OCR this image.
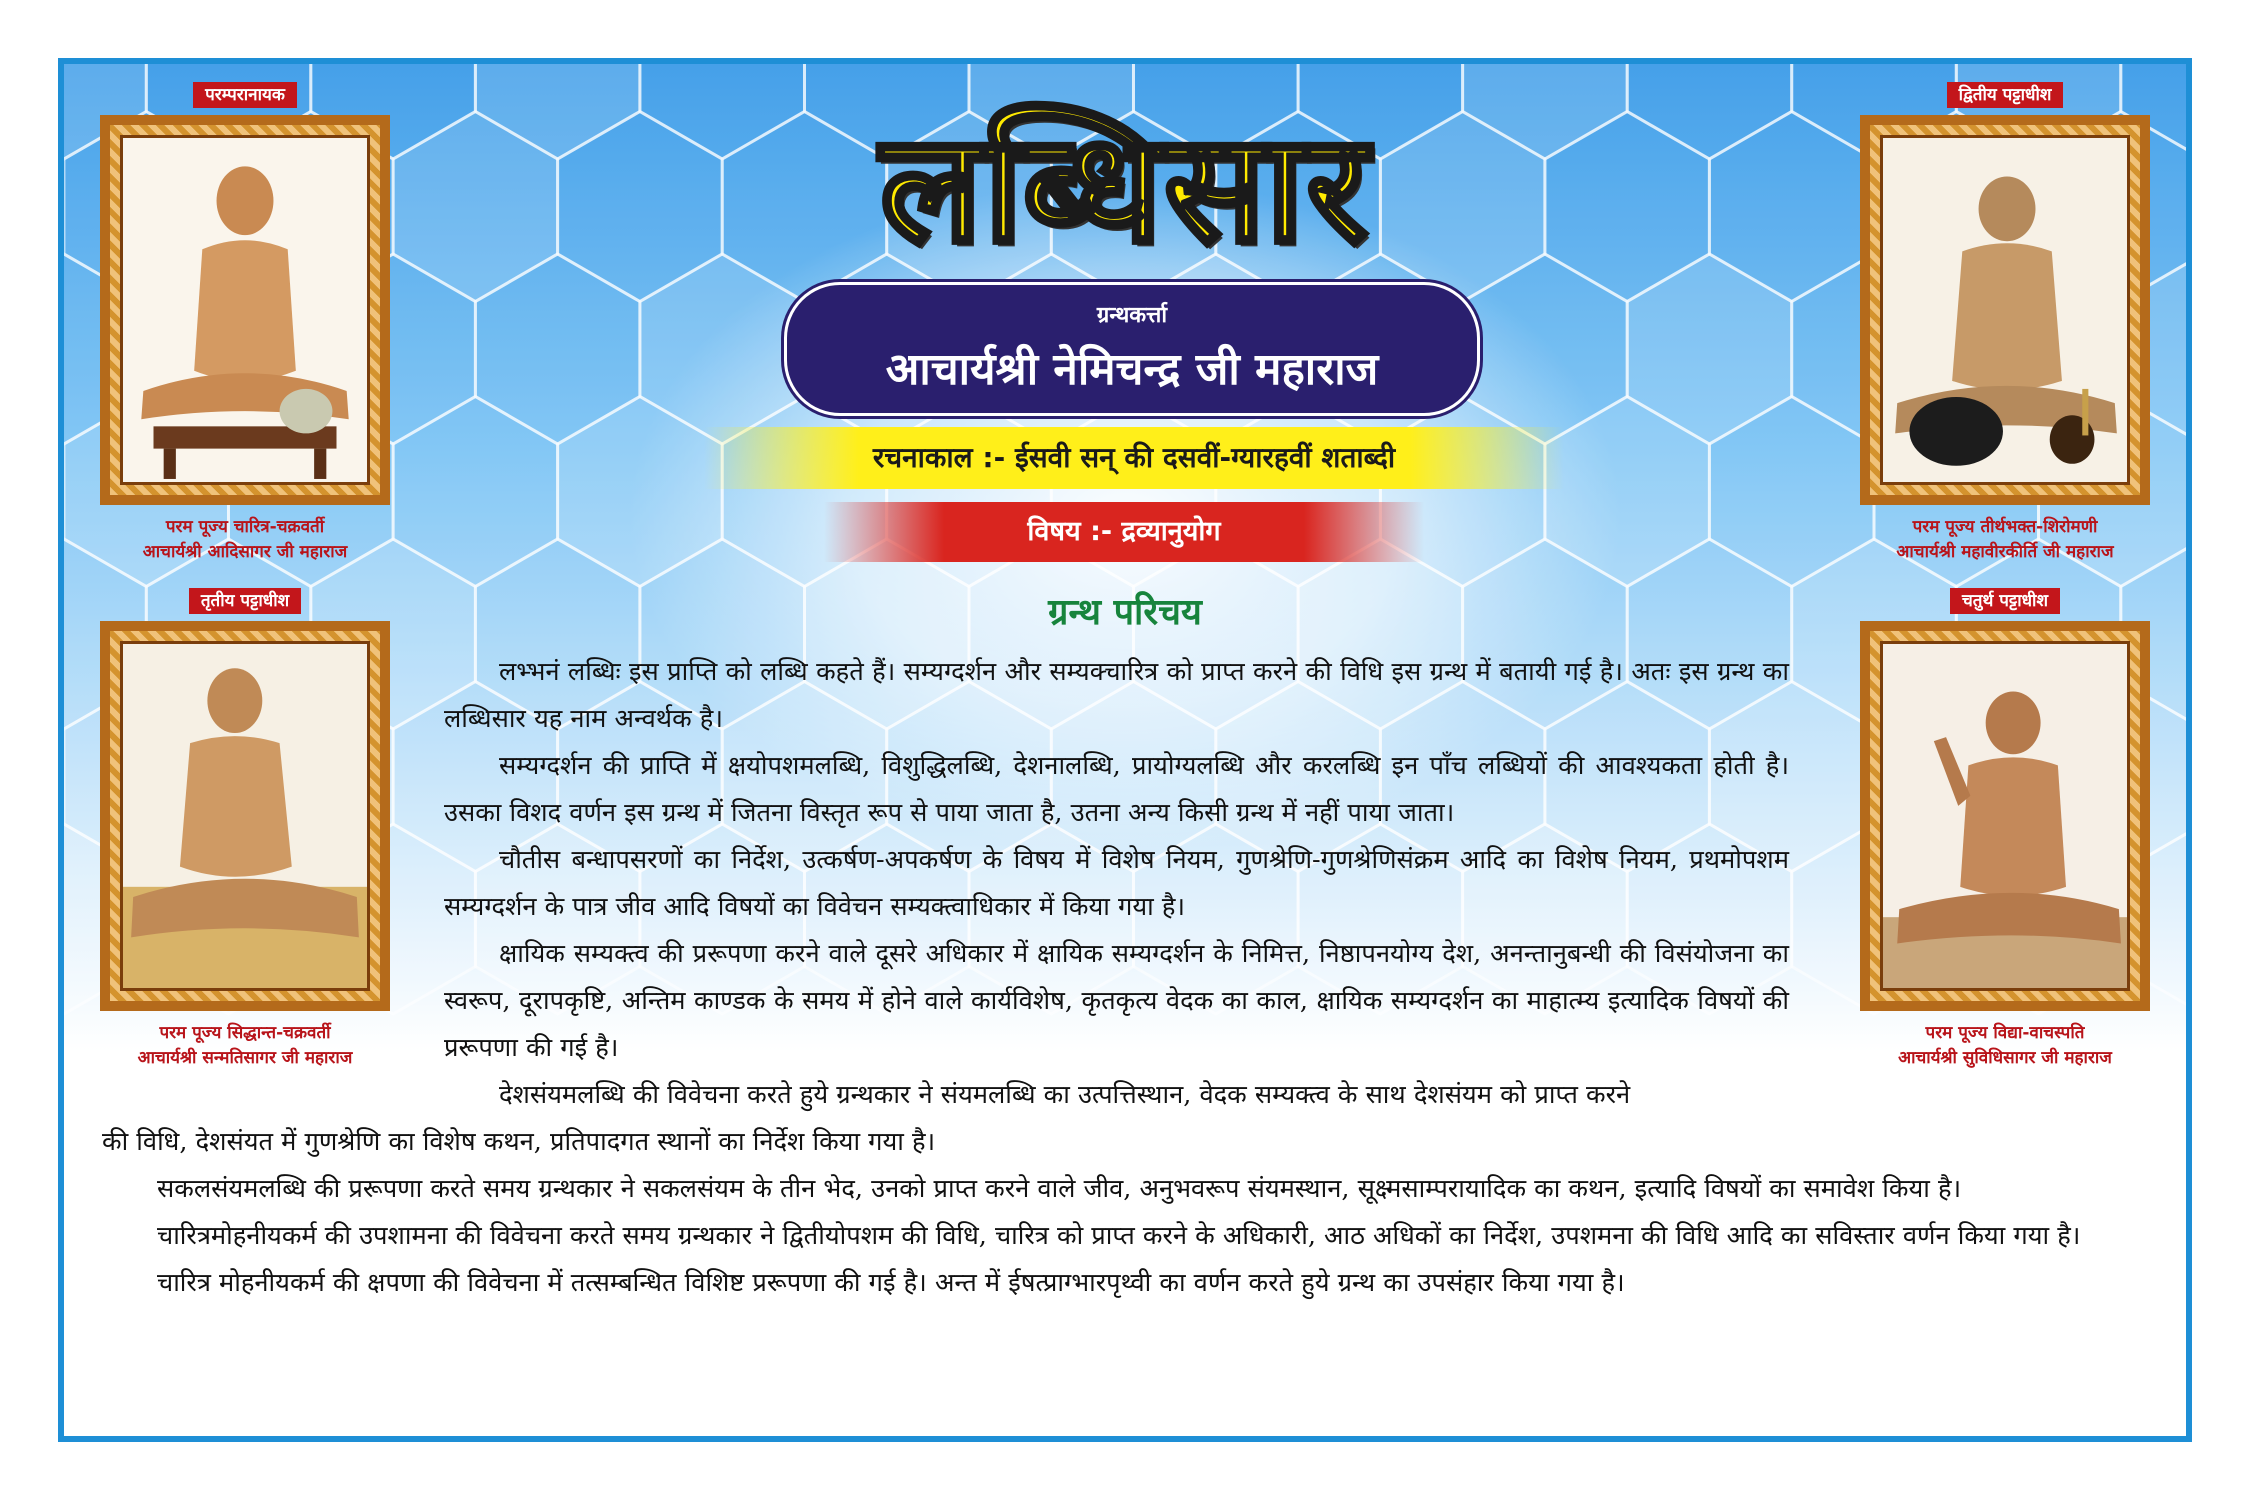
लब्धिसार
ग्रन्थकर्त्ता
आचार्यश्री नेमिचन्द्र जी महाराज
रचनाकाल :- ईसवी सन् की दसवीं-ग्यारहवीं शताब्दी
विषय :- द्रव्यानुयोग
ग्रन्थ परिचय
परम्परानायक
परम पूज्य चारित्र-चक्रवर्ती
आचार्यश्री आदिसागर जी महाराज
द्वितीय पट्टाधीश
परम पूज्य तीर्थभक्त-शिरोमणी
आचार्यश्री महावीरकीर्ति जी महाराज
तृतीय पट्टाधीश
परम पूज्य सिद्धान्त-चक्रवर्ती
आचार्यश्री सन्मतिसागर जी महाराज
चतुर्थ पट्टाधीश
परम पूज्य विद्या-वाचस्पति
आचार्यश्री सुविधिसागर जी महाराज

लभ्भनं लब्धिः इस प्राप्ति को लब्धि कहते हैं। सम्यग्दर्शन और सम्यक्चारित्र को प्राप्त करने की विधि इस ग्रन्थ में बतायी गई है। अतः इस ग्रन्थ का लब्धिसार यह नाम अन्वर्थक है।

सम्यग्दर्शन की प्राप्ति में क्षयोपशमलब्धि, विशुद्धिलब्धि, देशनालब्धि, प्रायोग्यलब्धि और करलब्धि इन पाँच लब्धियों की आवश्यकता होती है। उसका विशद वर्णन इस ग्रन्थ में जितना विस्तृत रूप से पाया जाता है, उतना अन्य किसी ग्रन्थ में नहीं पाया जाता।

चौतीस बन्धापसरणों का निर्देश, उत्कर्षण-अपकर्षण के विषय में विशेष नियम, गुणश्रेणि-गुणश्रेणिसंक्रम आदि का विशेष नियम, प्रथमोपशम सम्यग्दर्शन के पात्र जीव आदि विषयों का विवेचन सम्यक्त्वाधिकार में किया गया है।

क्षायिक सम्यक्त्व की प्ररूपणा करने वाले दूसरे अधिकार में क्षायिक सम्यग्दर्शन के निमित्त, निष्ठापनयोग्य देश, अनन्तानुबन्धी की विसंयोजना का स्वरूप, दूरापकृष्टि, अन्तिम काण्डक के समय में होने वाले कार्यविशेष, कृतकृत्य वेदक का काल, क्षायिक सम्यग्दर्शन का माहात्म्य इत्यादिक विषयों की प्ररूपणा की गई है।

देशसंयमलब्धि की विवेचना करते हुये ग्रन्थकार ने संयमलब्धि का उत्पत्तिस्थान, वेदक सम्यक्त्व के साथ देशसंयम को प्राप्त करने

की विधि, देशसंयत में गुणश्रेणि का विशेष कथन, प्रतिपादगत स्थानों का निर्देश किया गया है।

सकलसंयमलब्धि की प्ररूपणा करते समय ग्रन्थकार ने सकलसंयम के तीन भेद, उनको प्राप्त करने वाले जीव, अनुभवरूप संयमस्थान, सूक्ष्मसाम्परायादिक का कथन, इत्यादि विषयों का समावेश किया है।

चारित्रमोहनीयकर्म की उपशामना की विवेचना करते समय ग्रन्थकार ने द्वितीयोपशम की विधि, चारित्र को प्राप्त करने के अधिकारी, आठ अधिकों का निर्देश, उपशमना की विधि आदि का सविस्तार वर्णन किया गया है।

चारित्र मोहनीयकर्म की क्षपणा की विवेचना में तत्सम्बन्धित विशिष्ट प्ररूपणा की गई है। अन्त में ईषत्प्राग्भारपृथ्वी का वर्णन करते हुये ग्रन्थ का उपसंहार किया गया है।
